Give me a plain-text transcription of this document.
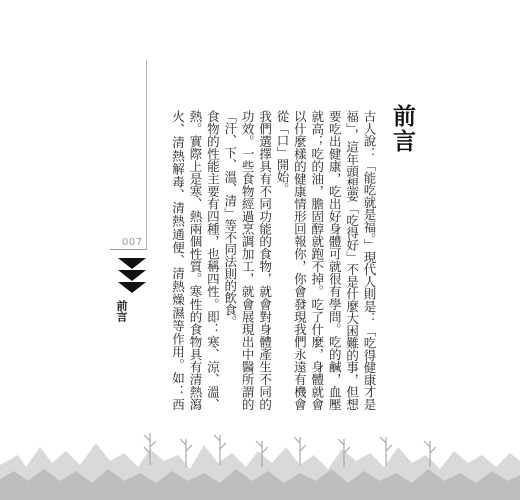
007
前言
前言

古人說：「能吃就是福。」現代人則是：「吃得健康才是福」，這年頭想要「吃得好」不是什麼大困難的事，但想要吃出健康，吃出好身體可就很有學問。吃的鹹，血壓就高；吃的油，膽固醇就跑不掉。吃了什麼，身體就會以什麼樣的健康情形回報你，你會發現我們永遠有機會從「口」開始。

我們選擇具有不同功能的食物，就會對身體產生不同的功效。一些食物經過烹調加工，就會展現出中醫所謂的「汗、下、溫、清」等不同法則的飲食。

食物的性能主要有四種，也稱四性。即：寒、涼、溫、熱。實際上是寒、熱兩個性質。寒性的食物具有清熱瀉火、清熱解毒、清熱通便、清熱燥濕等作用。如：西
